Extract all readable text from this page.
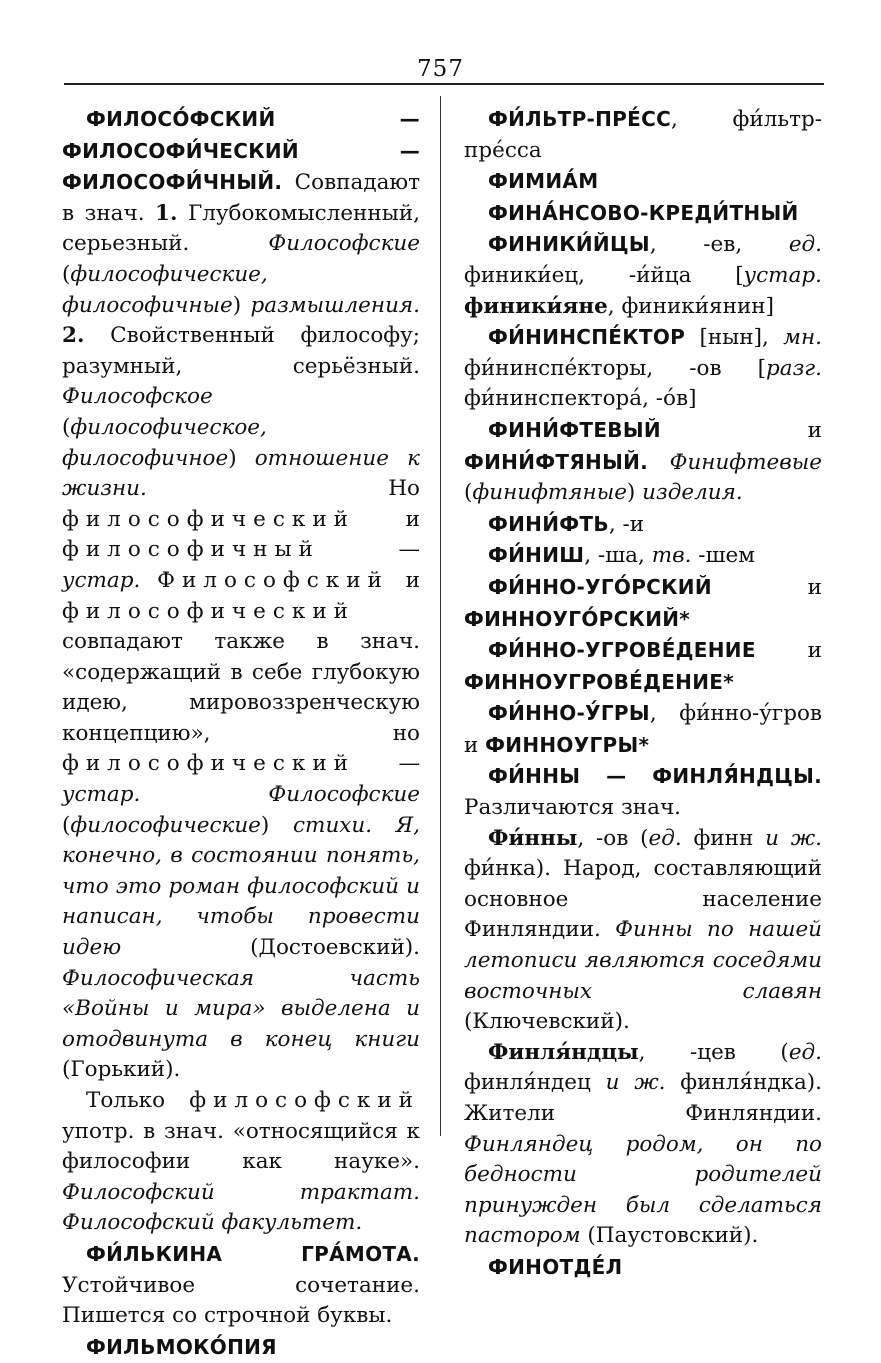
757

ФИЛОСО́ФСКИЙ — ФИЛОСОФИ́ЧЕСКИЙ — ФИЛОСОФИ́ЧНЫЙ. Совпадают в знач. 1. Глубокомысленный, серьезный. Философские (философические, философичные) размышления. 2. Свойственный философу; разумный, серьёзный. Философское (философическое, философичное) отношение к жизни. Но философический и философичный — устар. Философский и философический совпадают также в знач. «содержащий в себе глубокую идею, мировоззренческую концепцию», но философический — устар. Философские (философические) стихи. Я, конечно, в состоянии понять, что это роман философский и написан, чтобы провести идею (Достоевский). Философическая часть «Войны и мира» выделена и отодвинута в конец книги (Горький).

Только философский употр. в знач. «относящийся к философии как науке». Философский трактат. Философский факультет.

ФИ́ЛЬКИНА ГРА́МОТА. Устойчивое сочетание. Пишется со строчной буквы.

ФИЛЬМОКО́ПИЯ

ФИ́ЛЬТР-ПРЕ́СС, фи́льтр-пре́сса

ФИМИА́М

ФИНА́НСОВО-КРЕДИ́ТНЫЙ

ФИНИКИ́ЙЦЫ, -ев, ед. финики́ец, -и́йца [устар. финики́яне, финики́янин]

ФИ́НИНСПЕ́КТОР [нын], мн. фи́нинспе́кторы, -ов [разг. фи́нинспектора́, -о́в]

ФИНИ́ФТЕВЫЙ и ФИНИ́ФТЯНЫЙ. Финифтевые (финифтяные) изделия.

ФИНИ́ФТЬ, -и

ФИ́НИШ, -ша, тв. -шем

ФИ́ННО-УГО́РСКИЙ и ФИННОУГО́РСКИЙ*

ФИ́ННО-УГРОВЕ́ДЕНИЕ и ФИННОУГРОВЕ́ДЕНИЕ*

ФИ́ННО-У́ГРЫ, фи́нно-у́гров и ФИННОУГРЫ*

ФИ́ННЫ — ФИНЛЯ́НДЦЫ. Различаются знач.

Фи́нны, -ов (ед. финн и ж. фи́нка). Народ, составляющий основное население Финляндии. Финны по нашей летописи являются соседями восточных славян (Ключевский).

Финля́ндцы, -цев (ед. финля́ндец и ж. финля́ндка). Жители Финляндии. Финляндец родом, он по бедности родителей принужден был сделаться пастором (Паустовский).

ФИНОТДЕ́Л
